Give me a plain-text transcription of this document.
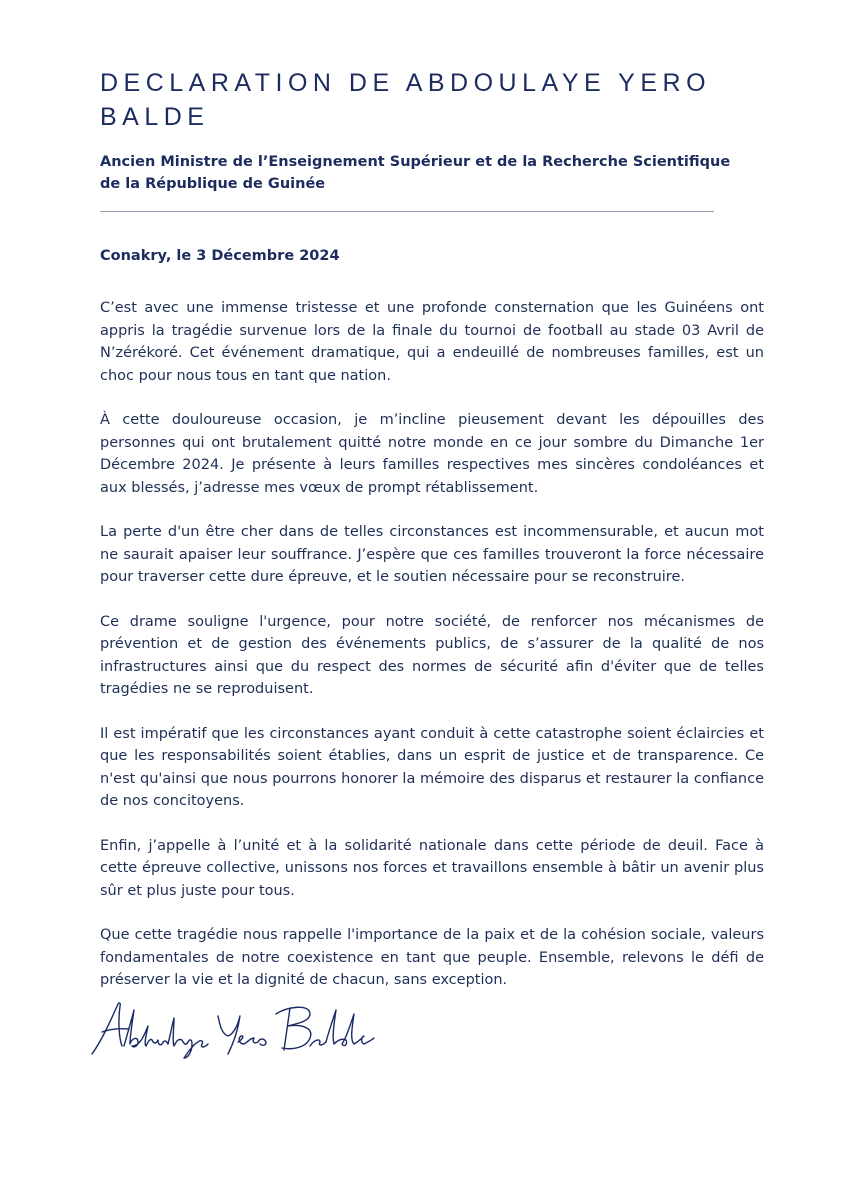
DECLARATION DE ABDOULAYE YERO BALDE
Ancien Ministre de l’Enseignement Supérieur et de la Recherche Scientifique de la République de Guinée

Conakry, le 3 Décembre 2024

C’est avec une immense tristesse et une profonde consternation que les Guinéens ont appris la tragédie survenue lors de la finale du tournoi de football au stade 03 Avril de N’zérékoré. Cet événement dramatique, qui a endeuillé de nombreuses familles, est un choc pour nous tous en tant que nation.

À cette douloureuse occasion, je m’incline pieusement devant les dépouilles des personnes qui ont brutalement quitté notre monde en ce jour sombre du Dimanche 1er Décembre 2024. Je présente à leurs familles respectives mes sincères condoléances et aux blessés, j’adresse mes vœux de prompt rétablissement.

La perte d'un être cher dans de telles circonstances est incommensurable, et aucun mot ne saurait apaiser leur souffrance. J’espère que ces familles trouveront la force nécessaire pour traverser cette dure épreuve, et le soutien nécessaire pour se reconstruire.

Ce drame souligne l'urgence, pour notre société, de renforcer nos mécanismes de prévention et de gestion des événements publics, de s’assurer de la qualité de nos infrastructures ainsi que du respect des normes de sécurité afin d'éviter que de telles tragédies ne se reproduisent.

Il est impératif que les circonstances ayant conduit à cette catastrophe soient éclaircies et que les responsabilités soient établies, dans un esprit de justice et de transparence. Ce n'est qu'ainsi que nous pourrons honorer la mémoire des disparus et restaurer la confiance de nos concitoyens.

Enfin, j’appelle à l’unité et à la solidarité nationale dans cette période de deuil. Face à cette épreuve collective, unissons nos forces et travaillons ensemble à bâtir un avenir plus sûr et plus juste pour tous.

Que cette tragédie nous rappelle l'importance de la paix et de la cohésion sociale, valeurs fondamentales de notre coexistence en tant que peuple. Ensemble, relevons le défi de préserver la vie et la dignité de chacun, sans exception.
